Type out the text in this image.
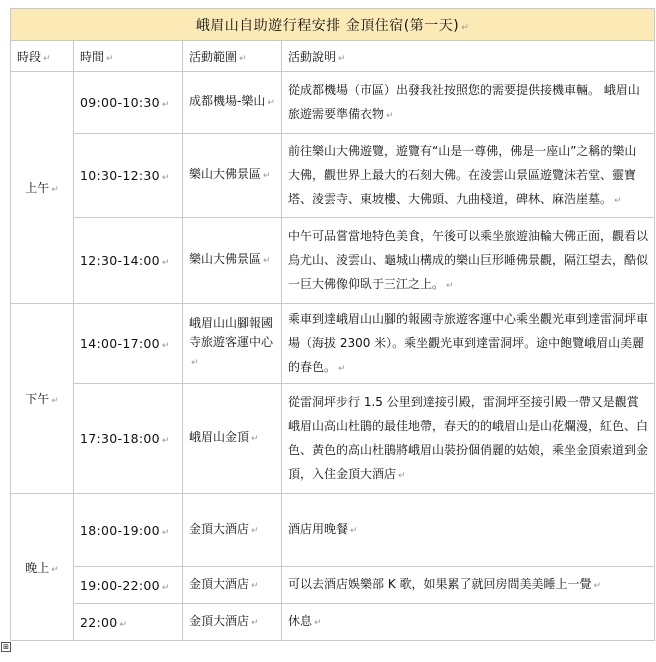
峨眉山自助遊行程安排 金頂住宿(第一天) ↵			
時段 ↵	時間 ↵	活動範圍 ↵	活動說明 ↵
上午 ↵	09:00-10:30 ↵	成都機場-樂山 ↵	從成都機場（市區）出發我社按照您的需要提供接機車輛。 峨眉山旅遊需要準備衣物 ↵
	10:30-12:30 ↵	樂山大佛景區 ↵	前往樂山大佛遊覽，遊覽有“山是一尊佛，佛是一座山”之稱的樂山大佛，觀世界上最大的石刻大佛。在淩雲山景區遊覽沫若堂、靈寶塔、淩雲寺、東坡樓、大佛頭、九曲棧道，碑林、麻浩崖墓。 ↵
	12:30-14:00 ↵	樂山大佛景區 ↵	中午可品嘗當地特色美食，午後可以乘坐旅遊油輪大佛正面，觀看以烏尤山、淩雲山、龜城山構成的樂山巨形睡佛景觀，隔江望去，酷似一巨大佛像仰臥于三江之上。 ↵
下午 ↵	14:00-17:00 ↵	峨眉山山腳報國寺旅遊客運中心↵	乘車到達峨眉山山腳的報國寺旅遊客運中心乘坐觀光車到達雷洞坪車場（海拔 2300 米）。乘坐觀光車到達雷洞坪。途中飽覽峨眉山美麗的春色。 ↵
	17:30-18:00 ↵	峨眉山金頂 ↵	從雷洞坪步行 1.5 公里到達接引殿，雷洞坪至接引殿一帶又是觀賞峨眉山高山杜鵑的最佳地帶，春天的的峨眉山是山花爛漫，紅色、白色、黃色的高山杜鵑將峨眉山裝扮個俏麗的姑娘，乘坐金頂索道到金頂，入住金頂大酒店 ↵
晚上 ↵	18:00-19:00 ↵	金頂大酒店 ↵	酒店用晚餐 ↵
	19:00-22:00 ↵	金頂大酒店 ↵	可以去酒店娛樂部 K 歌，如果累了就回房間美美睡上一覺 ↵
	22:00 ↵	金頂大酒店 ↵	休息 ↵
⊞
